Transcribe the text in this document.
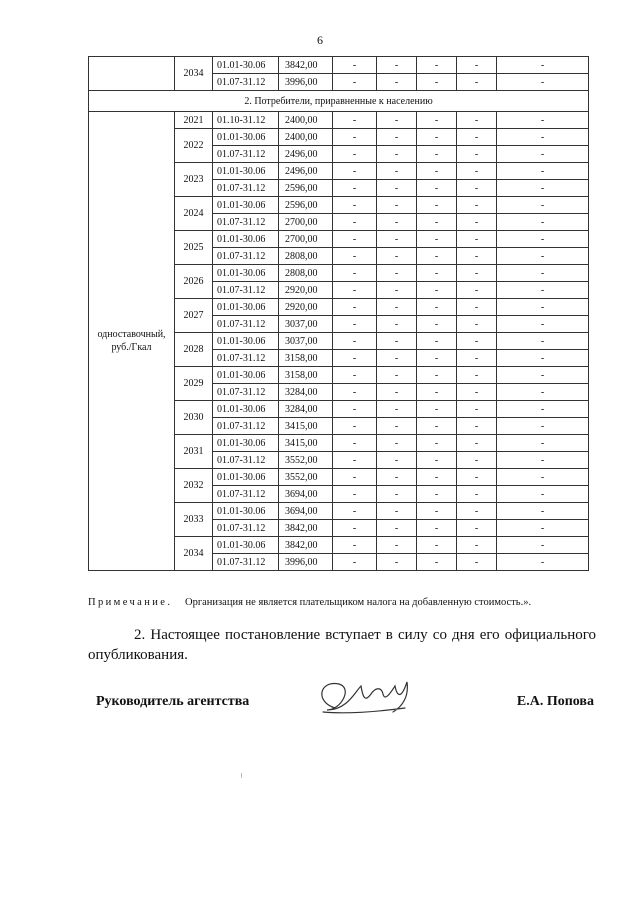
6
	2034	01.01-30.06	3842,00	-	-	-	-	-
		01.07-31.12	3996,00	-	-	-	-	-
2. Потребители, приравненные к населению								
одноставочный, руб./Гкал	2021	01.10-31.12	2400,00	-	-	-	-	-
	2022	01.01-30.06	2400,00	-	-	-	-	-
		01.07-31.12	2496,00	-	-	-	-	-
	2023	01.01-30.06	2496,00	-	-	-	-	-
		01.07-31.12	2596,00	-	-	-	-	-
	2024	01.01-30.06	2596,00	-	-	-	-	-
		01.07-31.12	2700,00	-	-	-	-	-
	2025	01.01-30.06	2700,00	-	-	-	-	-
		01.07-31.12	2808,00	-	-	-	-	-
	2026	01.01-30.06	2808,00	-	-	-	-	-
		01.07-31.12	2920,00	-	-	-	-	-
	2027	01.01-30.06	2920,00	-	-	-	-	-
		01.07-31.12	3037,00	-	-	-	-	-
	2028	01.01-30.06	3037,00	-	-	-	-	-
		01.07-31.12	3158,00	-	-	-	-	-
	2029	01.01-30.06	3158,00	-	-	-	-	-
		01.07-31.12	3284,00	-	-	-	-	-
	2030	01.01-30.06	3284,00	-	-	-	-	-
		01.07-31.12	3415,00	-	-	-	-	-
	2031	01.01-30.06	3415,00	-	-	-	-	-
		01.07-31.12	3552,00	-	-	-	-	-
	2032	01.01-30.06	3552,00	-	-	-	-	-
		01.07-31.12	3694,00	-	-	-	-	-
	2033	01.01-30.06	3694,00	-	-	-	-	-
		01.07-31.12	3842,00	-	-	-	-	-
	2034	01.01-30.06	3842,00	-	-	-	-	-
		01.07-31.12	3996,00	-	-	-	-	-
Примечание. Организация не является плательщиком налога на добавленную стоимость.».
2. Настоящее постановление вступает в силу со дня его официального опубликования.
Руководитель агентства	Е.А. Попова
